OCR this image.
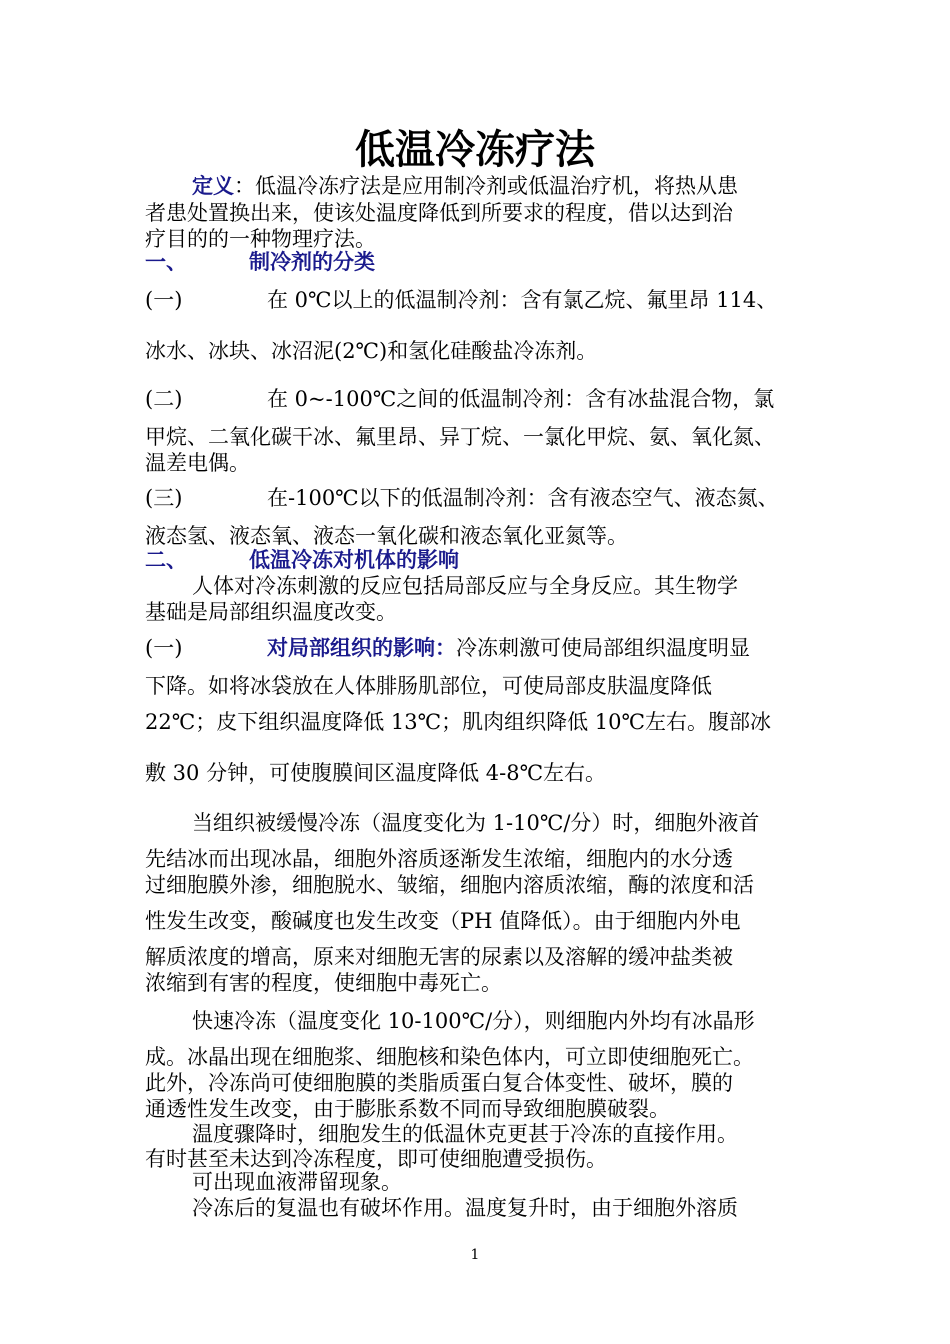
低温冷冻疗法
定义：低温冷冻疗法是应用制冷剂或低温治疗机，将热从患
者患处置换出来，使该处温度降低到所要求的程度，借以达到治
疗目的的一种物理疗法。
一、	制冷剂的分类
(一)	在 0℃以上的低温制冷剂：含有氯乙烷、氟里昂 114、
冰水、冰块、冰沼泥(2℃)和氢化硅酸盐冷冻剂。
(二)	在 0~-100℃之间的低温制冷剂：含有冰盐混合物，氯
甲烷、二氧化碳干冰、氟里昂、异丁烷、一氯化甲烷、氨、氧化氮、
温差电偶。
(三)	在-100℃以下的低温制冷剂：含有液态空气、液态氮、
液态氢、液态氧、液态一氧化碳和液态氧化亚氮等。
二、	低温冷冻对机体的影响
人体对冷冻刺激的反应包括局部反应与全身反应。其生物学
基础是局部组织温度改变。
(一)	对局部组织的影响：冷冻刺激可使局部组织温度明显
下降。如将冰袋放在人体腓肠肌部位，可使局部皮肤温度降低
22℃；皮下组织温度降低 13℃；肌肉组织降低 10℃左右。腹部冰
敷 30 分钟，可使腹膜间区温度降低 4-8℃左右。
当组织被缓慢冷冻（温度变化为 1-10℃/分）时，细胞外液首
先结冰而出现冰晶，细胞外溶质逐渐发生浓缩，细胞内的水分透
过细胞膜外渗，细胞脱水、皱缩，细胞内溶质浓缩，酶的浓度和活
性发生改变，酸碱度也发生改变（PH 值降低）。由于细胞内外电
解质浓度的增高，原来对细胞无害的尿素以及溶解的缓冲盐类被
浓缩到有害的程度，使细胞中毒死亡。
快速冷冻（温度变化 10-100℃/分），则细胞内外均有冰晶形
成。冰晶出现在细胞浆、细胞核和染色体内，可立即使细胞死亡。
此外，冷冻尚可使细胞膜的类脂质蛋白复合体变性、破坏，膜的
通透性发生改变，由于膨胀系数不同而导致细胞膜破裂。
温度骤降时，细胞发生的低温休克更甚于冷冻的直接作用。
有时甚至未达到冷冻程度，即可使细胞遭受损伤。
可出现血液滞留现象。
冷冻后的复温也有破坏作用。温度复升时，由于细胞外溶质
1
